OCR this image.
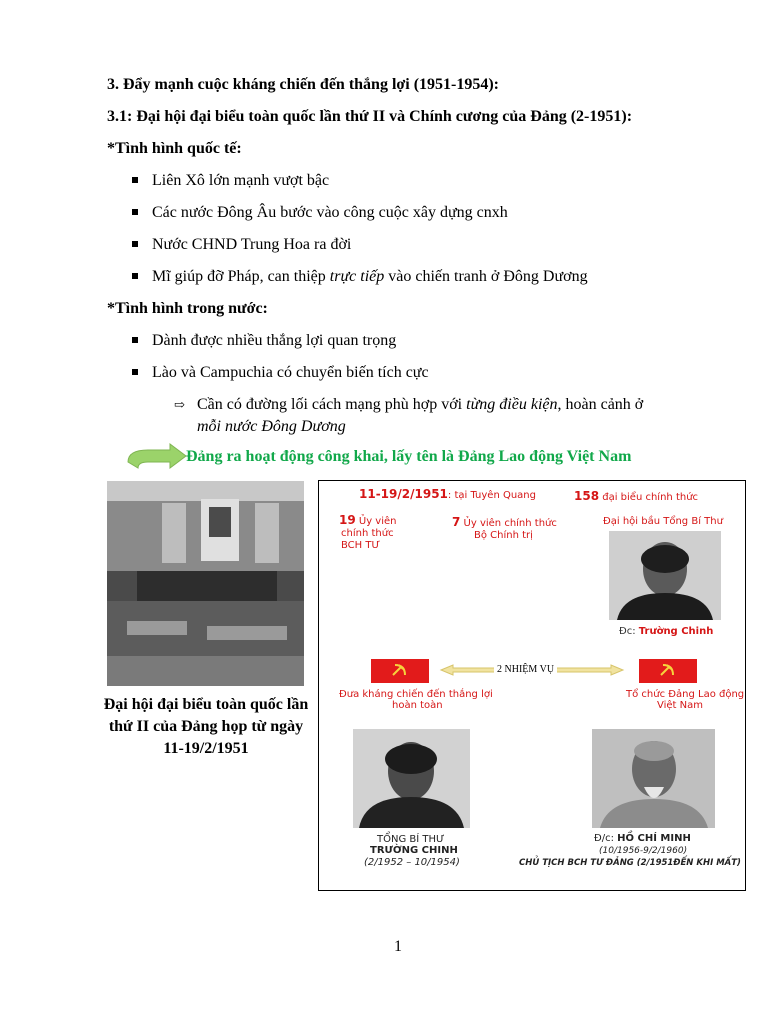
3. Đẩy mạnh cuộc kháng chiến đến thắng lợi (1951-1954):
3.1: Đại hội đại biểu toàn quốc lần thứ II và Chính cương của Đảng (2-1951):
*Tình hình quốc tế:
Liên Xô lớn mạnh vượt bậc
Các nước Đông Âu bước vào công cuộc xây dựng cnxh
Nước CHND Trung Hoa ra đời
Mĩ giúp đỡ Pháp, can thiệp trực tiếp vào chiến tranh ở Đông Dương
*Tình hình trong nước:
Dành được nhiều thắng lợi quan trọng
Lào và Campuchia có chuyển biến tích cực
⇨ Cần có đường lối cách mạng phù hợp với từng điều kiện, hoàn cảnh ở
mỗi nước Đông Dương
Đảng ra hoạt động công khai, lấy tên là Đảng Lao động Việt Nam
Đại hội đại biểu toàn quốc lần thứ II của Đảng họp từ ngày 11-19/2/1951
11-19/2/1951: tại Tuyên Quang	158 đại biểu chính thức
19 Ủy viên
chính thức
BCH TƯ
7 Ủy viên chính thức
Bộ Chính trị
Đại hội bầu Tổng Bí Thư
Đc: Trường Chinh
2 NHIỆM VỤ
Đưa kháng chiến đến thắng lợi
hoàn toàn
Tổ chức Đảng Lao động
Việt Nam
TỔNG BÍ THƯ
TRƯỜNG CHINH
(2/1952 – 10/1954)
Đ/c: HỒ CHÍ MINH
(10/1956-9/2/1960)
CHỦ TỊCH BCH TƯ ĐẢNG (2/1951ĐẾN KHI MẤT)
1
